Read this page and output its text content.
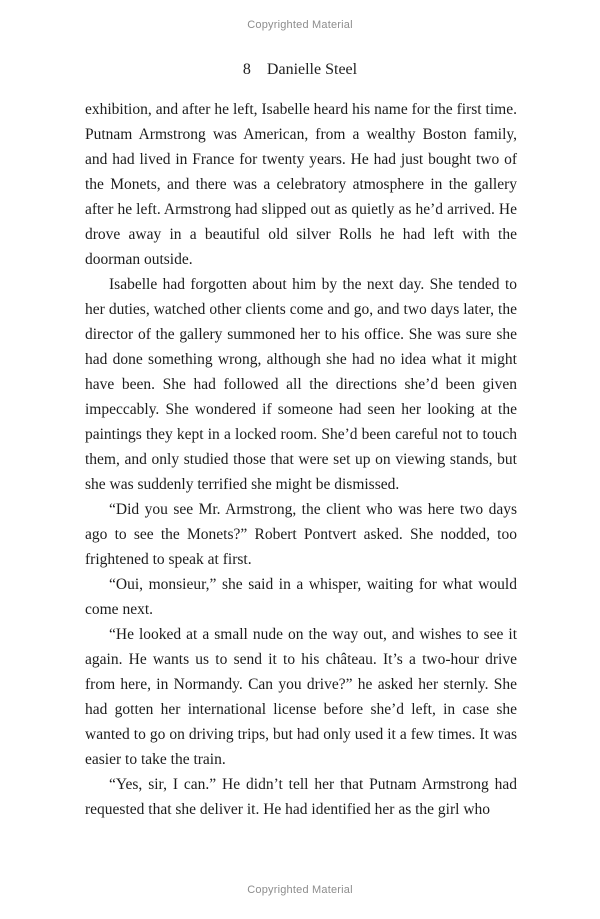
Copyrighted Material
8 Danielle Steel

exhibition, and after he left, Isabelle heard his name for the first time. Putnam Armstrong was American, from a wealthy Boston family, and had lived in France for twenty years. He had just bought two of the Monets, and there was a celebratory atmosphere in the gallery after he left. Armstrong had slipped out as quietly as he’d arrived. He drove away in a beautiful old silver Rolls he had left with the doorman outside.

Isabelle had forgotten about him by the next day. She tended to her duties, watched other clients come and go, and two days later, the director of the gallery summoned her to his office. She was sure she had done something wrong, although she had no idea what it might have been. She had followed all the directions she’d been given impeccably. She wondered if someone had seen her looking at the paintings they kept in a locked room. She’d been careful not to touch them, and only studied those that were set up on viewing stands, but she was suddenly terrified she might be dismissed.

“Did you see Mr. Armstrong, the client who was here two days ago to see the Monets?” Robert Pontvert asked. She nodded, too frightened to speak at first.

“Oui, monsieur,” she said in a whisper, waiting for what would come next.

“He looked at a small nude on the way out, and wishes to see it again. He wants us to send it to his château. It’s a two-hour drive from here, in Normandy. Can you drive?” he asked her sternly. She had gotten her international license before she’d left, in case she wanted to go on driving trips, but had only used it a few times. It was easier to take the train.

“Yes, sir, I can.” He didn’t tell her that Putnam Armstrong had requested that she deliver it. He had identified her as the girl who

Copyrighted Material
